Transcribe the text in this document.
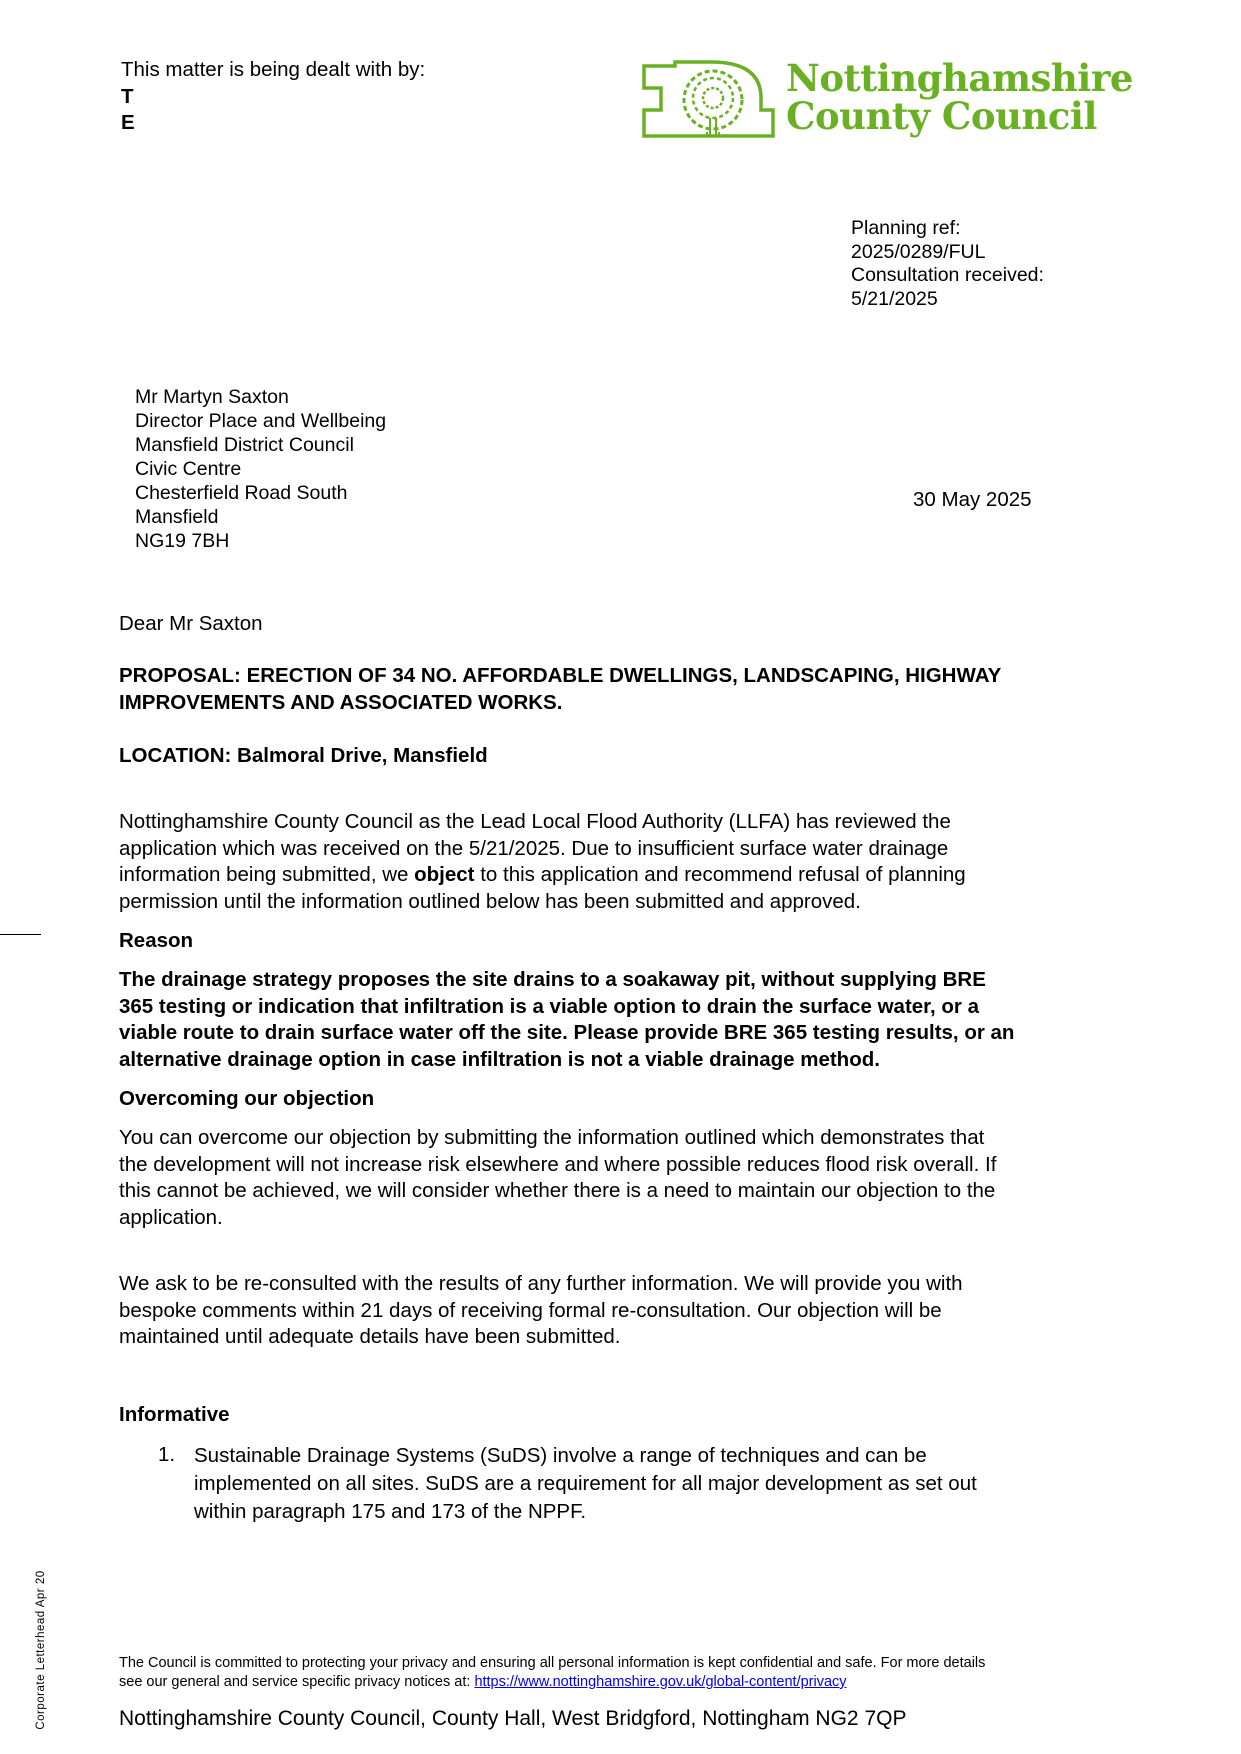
This matter is being dealt with by:
T
E
Nottinghamshire
County Council
Planning ref:
2025/0289/FUL
Consultation received:
5/21/2025
Mr Martyn Saxton
Director Place and Wellbeing
Mansfield District Council
Civic Centre
Chesterfield Road South
Mansfield
NG19 7BH
30 May 2025
Dear Mr Saxton
PROPOSAL: ERECTION OF 34 NO. AFFORDABLE DWELLINGS, LANDSCAPING, HIGHWAY
IMPROVEMENTS AND ASSOCIATED WORKS.
LOCATION: Balmoral Drive, Mansfield
Nottinghamshire County Council as the Lead Local Flood Authority (LLFA) has reviewed the
application which was received on the 5/21/2025. Due to insufficient surface water drainage
information being submitted, we object to this application and recommend refusal of planning
permission until the information outlined below has been submitted and approved.
Reason
The drainage strategy proposes the site drains to a soakaway pit, without supplying BRE
365 testing or indication that infiltration is a viable option to drain the surface water, or a
viable route to drain surface water off the site. Please provide BRE 365 testing results, or an
alternative drainage option in case infiltration is not a viable drainage method.
Overcoming our objection
You can overcome our objection by submitting the information outlined which demonstrates that
the development will not increase risk elsewhere and where possible reduces flood risk overall. If
this cannot be achieved, we will consider whether there is a need to maintain our objection to the
application.
We ask to be re-consulted with the results of any further information. We will provide you with
bespoke comments within 21 days of receiving formal re-consultation. Our objection will be
maintained until adequate details have been submitted.
Informative
1. Sustainable Drainage Systems (SuDS) involve a range of techniques and can be
implemented on all sites. SuDS are a requirement for all major development as set out
within paragraph 175 and 173 of the NPPF.
The Council is committed to protecting your privacy and ensuring all personal information is kept confidential and safe. For more details
see our general and service specific privacy notices at: https://www.nottinghamshire.gov.uk/global-content/privacy
Nottinghamshire County Council, County Hall, West Bridgford, Nottingham NG2 7QP
Corporate Letterhead Apr 20
